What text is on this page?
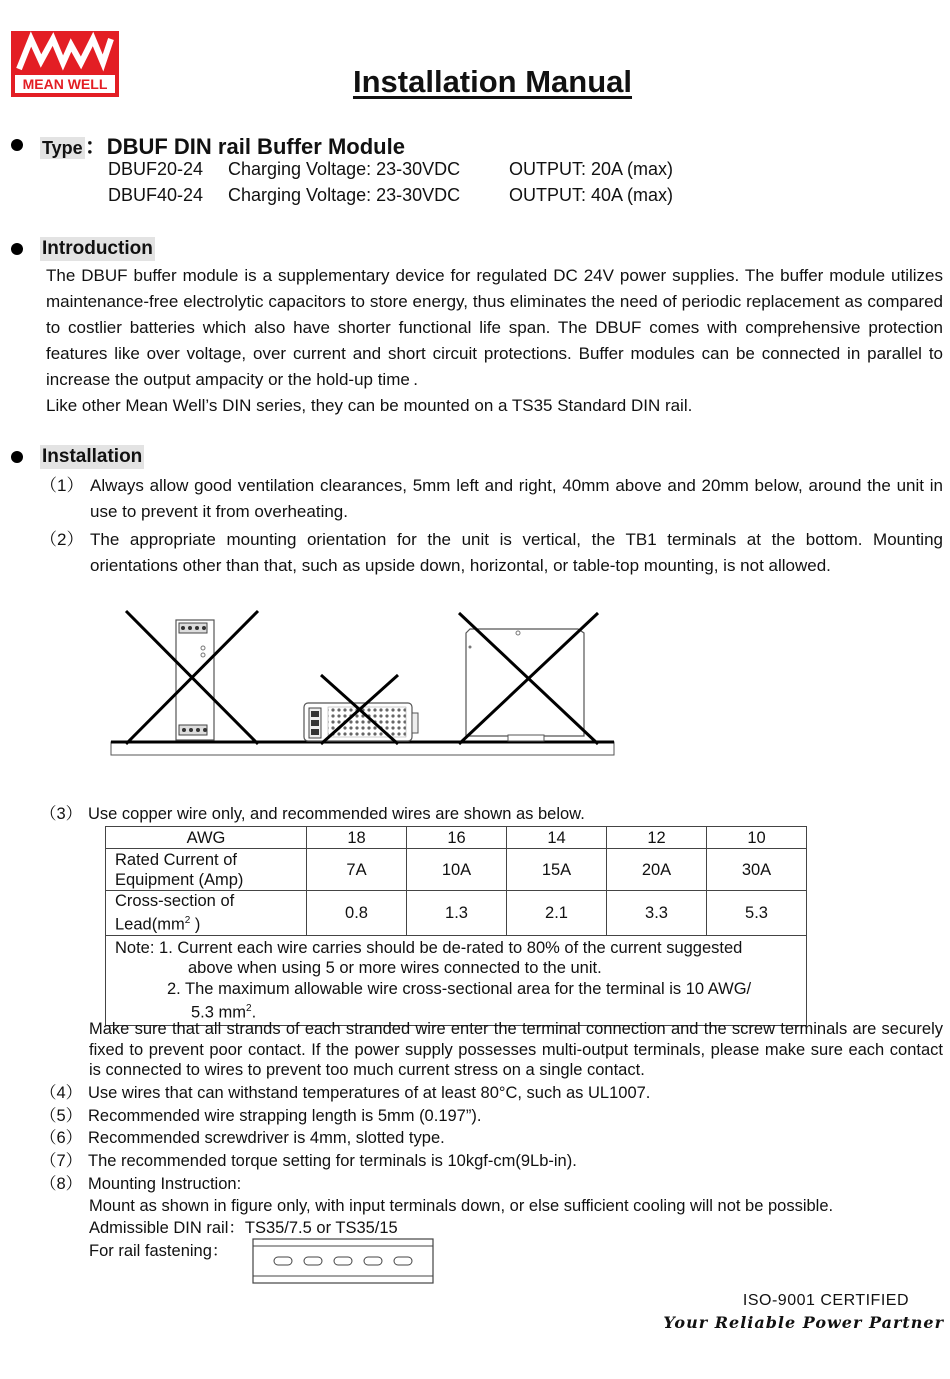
MEAN WELL	Installation Manual
Type：DBUF DIN rail Buffer Module
DBUF20-24 Charging Voltage: 23-30VDC	OUTPUT: 20A (max)
DBUF40-24 Charging Voltage: 23-30VDC	OUTPUT: 40A (max)
Introduction
The DBUF buffer module is a supplementary device for regulated DC 24V power supplies. The buffer module utilizes maintenance-free electrolytic capacitors to store energy, thus eliminates the need of periodic replacement as compared to costlier batteries which also have shorter functional life span. The DBUF comes with comprehensive protection features like over voltage, over current and short circuit protections. Buffer modules can be connected in parallel to increase the output ampacity or the hold-up time .
Like other Mean Well’s DIN series, they can be mounted on a TS35 Standard DIN rail.
Installation
（1） Always allow good ventilation clearances, 5mm left and right, 40mm above and 20mm below, around the unit in use to prevent it from overheating.
（2） The appropriate mounting orientation for the unit is vertical, the TB1 terminals at the bottom. Mounting orientations other than that, such as upside down, horizontal, or table-top mounting, is not allowed.
（3） Use copper wire only, and recommended wires are shown as below.
AWG	18	16	14	12	10
Rated Current of
Equipment (Amp)	7A	10A	15A	20A	30A
Cross-section of
$Lead(mm^2$ )	0.8	1.3	2.1	3.3	5.3

Note: 1. Current each wire carries should be de-rated to 80% of the current suggested
above when using 5 or more wires connected to the unit.
2. The maximum allowable wire cross-sectional area for the terminal is 10 AWG/
5.3 $mm^2$.					
Make sure that all strands of each stranded wire enter the terminal connection and the screw terminals are securely fixed to prevent poor contact. If the power supply possesses multi-output terminals, please make sure each contact is connected to wires to prevent too much current stress on a single contact.
（4） Use wires that can withstand temperatures of at least 80°C, such as UL1007.
（5） Recommended wire strapping length is 5mm (0.197”).
（6） Recommended screwdriver is 4mm, slotted type.
（7） The recommended torque setting for terminals is 10kgf-cm(9Lb-in).
（8） Mounting Instruction:
Mount as shown in figure only, with input terminals down, or else sufficient cooling will not be possible.
Admissible DIN rail：TS35/7.5 or TS35/15
For rail fastening：
ISO-9001 CERTIFIED
Your Reliable Power Partner
